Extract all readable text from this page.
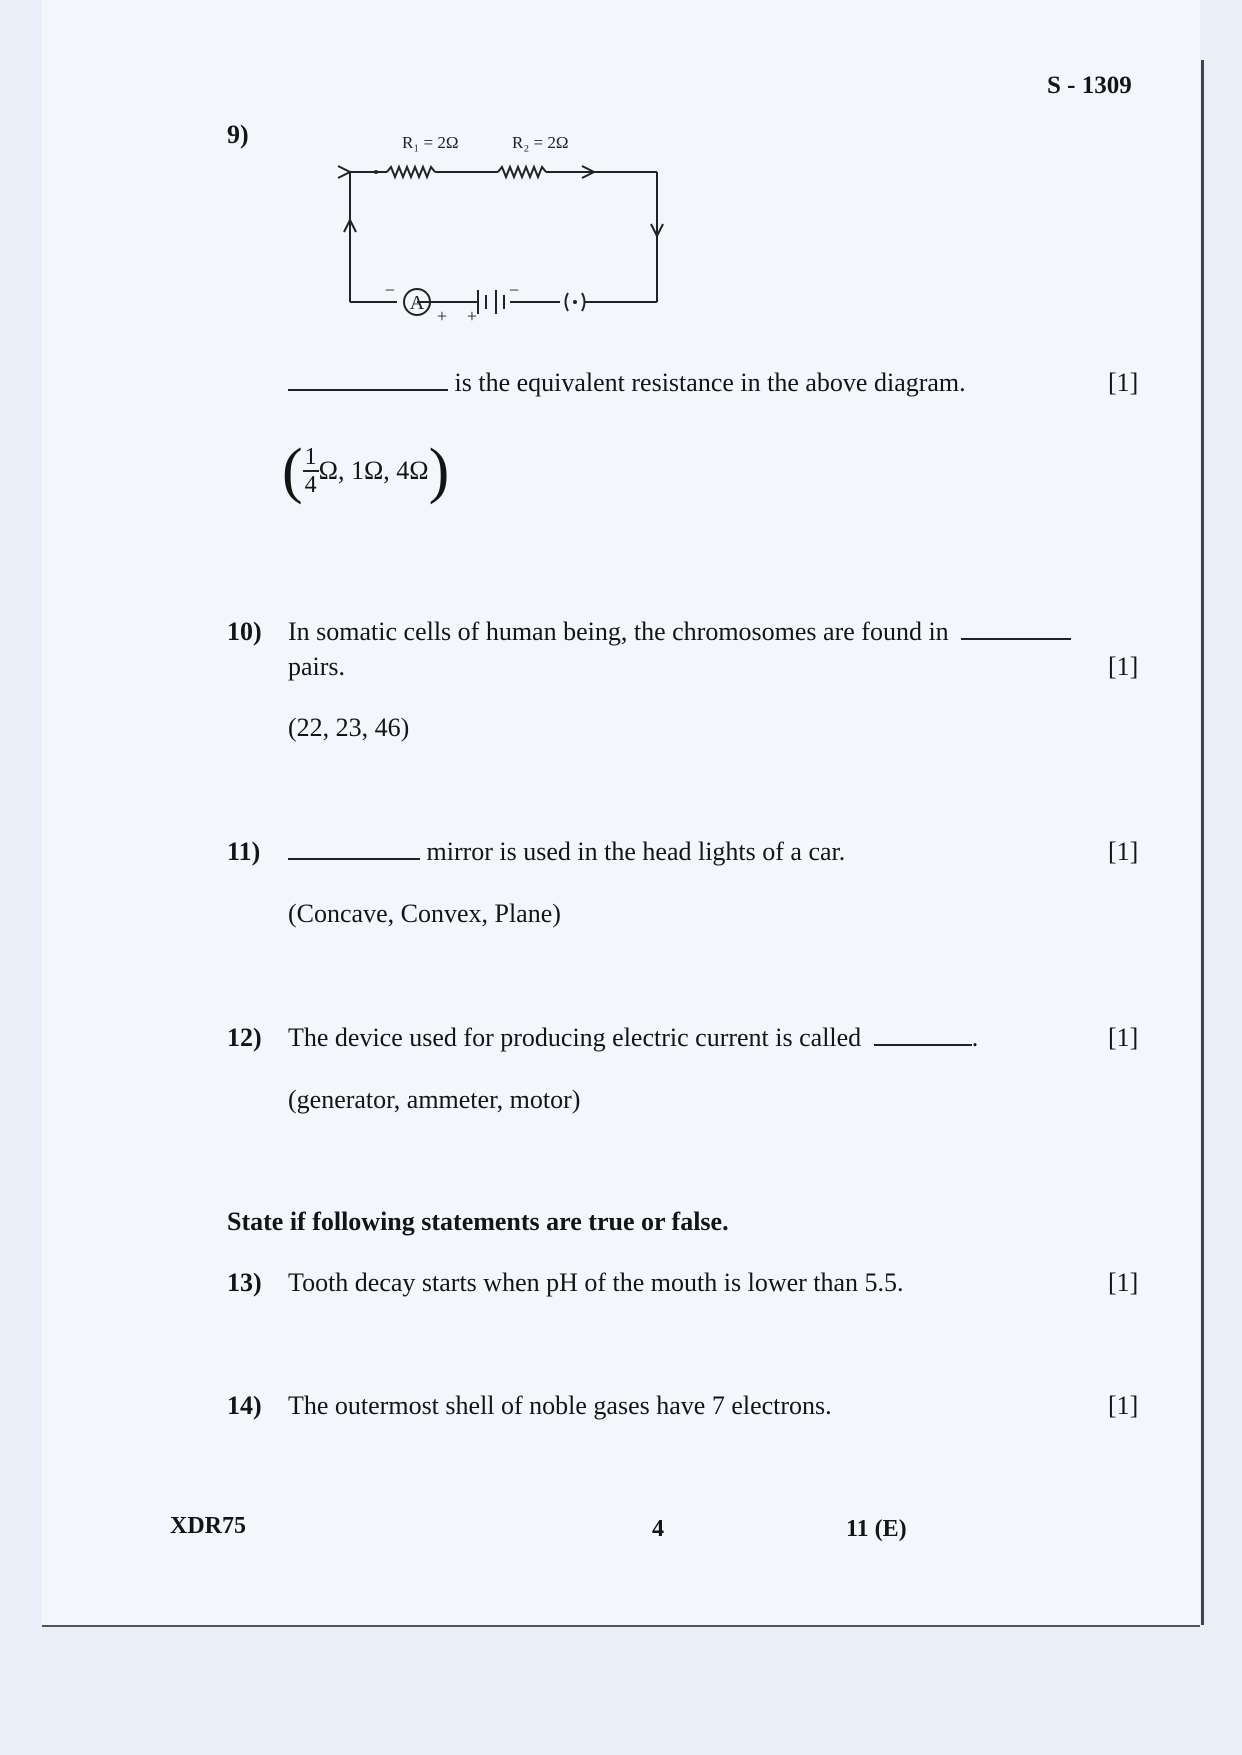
S - 1309
9)
A
R₁ = 2Ω	R₂ = 2Ω
−
+ +
−
is the equivalent resistance in the above diagram.	[1]
( $\frac{1}{4} \Omega$, 1Ω, 4Ω )
10) In somatic cells of human being, the chromosomes are found in
pairs.	[1]
(22, 23, 46)
11)	mirror is used in the head lights of a car.	[1]
(Concave, Convex, Plane)
12) The device used for producing electric current is called	.	[1]
(generator, ammeter, motor)
State if following statements are true or false.
13) Tooth decay starts when pH of the mouth is lower than 5.5.	[1]
14) The outermost shell of noble gases have 7 electrons.	[1]
XDR75	4	11 (E)
